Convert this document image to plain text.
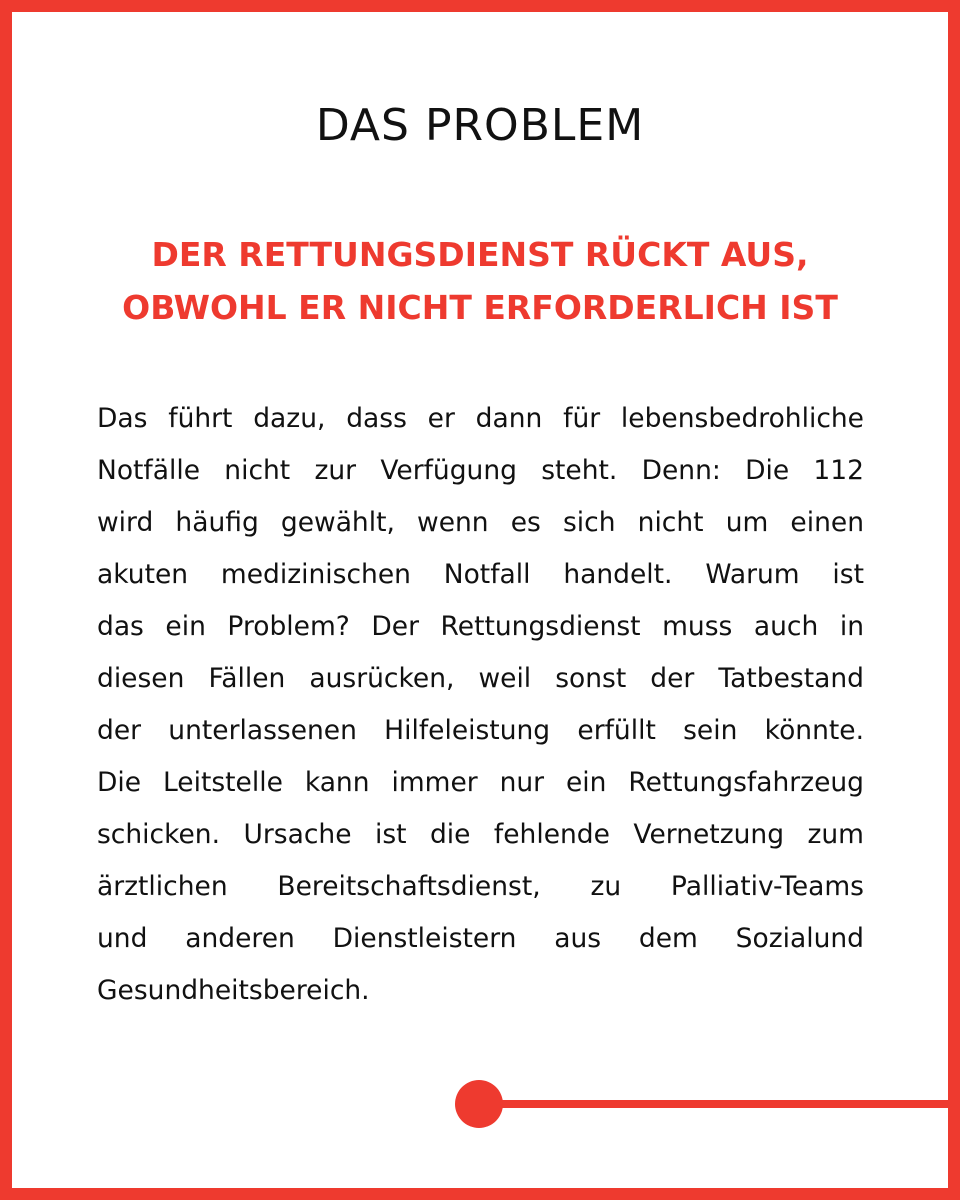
DAS PROBLEM
DER RETTUNGSDIENST RÜCKT AUS,
OBWOHL ER NICHT ERFORDERLICH IST
Das führt dazu, dass er dann für lebensbedrohliche
Notfälle nicht zur Verfügung steht. Denn: Die 112
wird häufig gewählt, wenn es sich nicht um einen
akuten medizinischen Notfall handelt. Warum ist
das ein Problem? Der Rettungsdienst muss auch in
diesen Fällen ausrücken, weil sonst der Tatbestand
der unterlassenen Hilfeleistung erfüllt sein könnte.
Die Leitstelle kann immer nur ein Rettungsfahrzeug
schicken. Ursache ist die fehlende Vernetzung zum
ärztlichen Bereitschaftsdienst, zu Palliativ-Teams
und anderen Dienstleistern aus dem Sozialund
Gesundheitsbereich.
